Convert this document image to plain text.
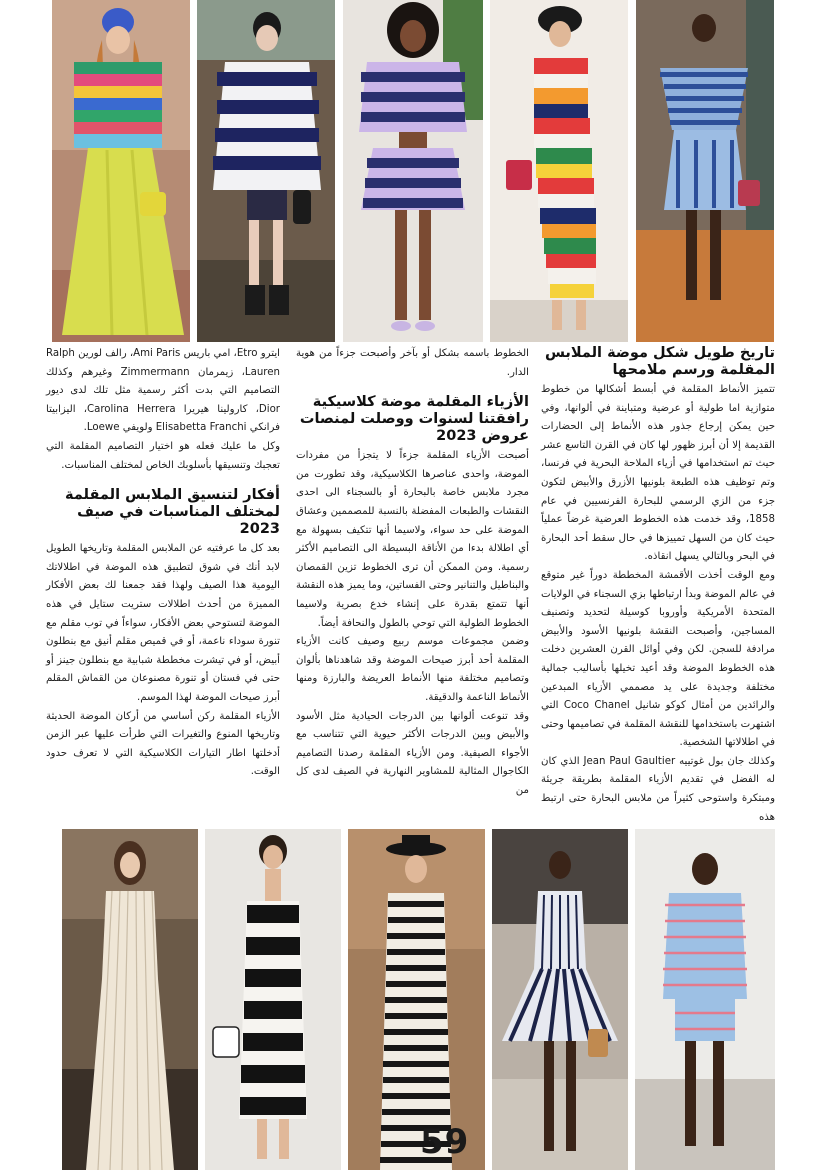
تاريخ طويل شكل موضة الملابس المقلمة ورسم ملامحها

تتميز الأنماط المقلمة في أبسط أشكالها من خطوط متوازية اما طولية أو عرضية ومتباينة في ألوانها، وفي حين يمكن إرجاع جذور هذه الأنماط إلى الحضارات القديمة إلا أن أبرز ظهور لها كان في القرن التاسع عشر حيث تم استخدامها في أزياء الملاحة البحرية في فرنسا، وتم توظيف هذه الطبعة بلونيها الأزرق والأبيض لتكون جزء من الزي الرسمي للبحارة الفرنسيين في عام 1858، وقد خدمت هذه الخطوط العرضية غرضاً عملياً حيث كان من السهل تمييزها في حال سقط أحد البحارة في البحر وبالتالي يسهل انقاذه.

ومع الوقت أخذت الأقمشة المخططة دوراً غير متوقع في عالم الموضة وبدأ ارتباطها بزي السجناء في الولايات المتحدة الأمريكية وأوروبا كوسيلة لتحديد وتصنيف المساجين، وأصبحت النقشة بلونيها الأسود والأبيض مرادفة للسجن. لكن وفي أوائل القرن العشرين دخلت هذه الخطوط الموضة وقد أعيد تخيلها بأساليب جمالية مختلفة وجديدة على يد مصممي الأزياء المبدعين والرائدين من أمثال كوكو شانيل Coco Chanel التي اشتهرت باستخدامها للنقشة المقلمة في تصاميمها وحتى في اطلالاتها الشخصية.

وكذلك جان بول غوتييه Jean Paul Gaultier الذي كان له الفضل في تقديم الأزياء المقلمة بطريقة جريئة ومبتكرة واستوحى كثيراً من ملابس البحارة حتى ارتبط هذه

الخطوط باسمه بشكل أو بآخر وأصبحت جزءاً من هوية الدار.

الأزياء المقلمة موضة كلاسيكية رافقتنا لسنوات ووصلت لمنصات عروض 2023

أصبحت الأزياء المقلمة جزءاً لا يتجزأ من مفردات الموضة، واحدى عناصرها الكلاسيكية، وقد تطورت من مجرد ملابس خاصة بالبحارة أو بالسجناء الى احدى النقشات والطبعات المفضلة بالنسبة للمصممين وعشاق الموضة على حد سواء، ولاسيما أنها تتكيف بسهولة مع أي اطلالة بدءا من الأناقة البسيطة الى التصاميم الأكثر رسمية. ومن الممكن أن ترى الخطوط تزين القمصان والبناطيل والتنانير وحتى الفساتين، وما يميز هذه النقشة أنها تتمتع بقدرة على إنشاء خدع بصرية ولاسيما الخطوط الطولية التي توحي بالطول والنحافة أيضاً.

وضمن مجموعات موسم ربيع وصيف كانت الأزياء المقلمة أحد أبرز صيحات الموضة وقد شاهدناها بألوان وتصاميم مختلفة منها الأنماط العريضة والبارزة ومنها الأنماط الناعمة والدقيقة.

وقد تنوعت ألوانها بين الدرجات الحيادية مثل الأسود والأبيض وبين الدرجات الأكثر حيوية التي تتناسب مع الأجواء الصيفية. ومن الأزياء المقلمة رصدنا التصاميم الكاجوال المثالية للمشاوير النهارية في الصيف لدى كل من

ايترو Etro، امي باريس Ami Paris، رالف لورين Ralph Lauren، زيمرمان Zimmermann وغيرهم وكذلك التصاميم التي بدت أكثر رسمية مثل تلك لدى ديور Dior، كارولينا هيريرا Carolina Herrera، اليزابيتا فرانكي Elisabetta Franchi ولويفي Loewe.

وكل ما عليك فعله هو اختيار التصاميم المقلمة التي تعجبك وتنسيقها بأسلوبك الخاص لمختلف المناسبات.

أفكار لتنسيق الملابس المقلمة لمختلف المناسبات في صيف 2023

بعد كل ما عرفتيه عن الملابس المقلمة وتاريخها الطويل لابد أنك في شوق لتطبيق هذه الموضة في اطلالاتك اليومية هذا الصيف ولهذا فقد جمعنا لك بعض الأفكار المميزة من أحدث اطلالات ستريت ستايل في هذه الموضة لتستوحي بعض الأفكار، سواءاً في توب مقلم مع تنورة سوداء ناعمة، أو في قميص مقلم أنيق مع بنطلون أبيض، أو في تيشرت مخططة شبابية مع بنطلون جينز أو حتى في فستان أو تنورة مصنوعان من القماش المقلم أبرز صيحات الموضة لهذا الموسم.

الأزياء المقلمة ركن أساسي من أركان الموضة الحديثة وتاريخها المنوع والتغيرات التي طرأت عليها عبر الزمن أدخلتها اطار التيارات الكلاسيكية التي لا تعرف حدود الوقت.

59
